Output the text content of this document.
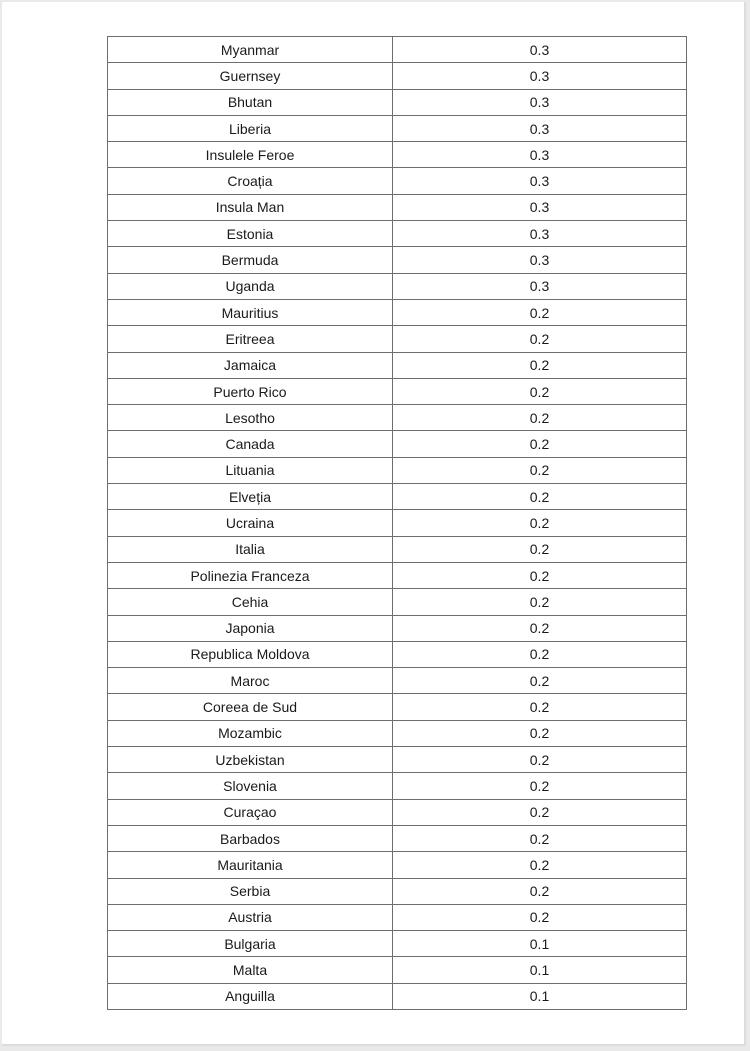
Myanmar	0.3
Guernsey	0.3
Bhutan	0.3
Liberia	0.3
Insulele Feroe	0.3
Croația	0.3
Insula Man	0.3
Estonia	0.3
Bermuda	0.3
Uganda	0.3
Mauritius	0.2
Eritreea	0.2
Jamaica	0.2
Puerto Rico	0.2
Lesotho	0.2
Canada	0.2
Lituania	0.2
Elveția	0.2
Ucraina	0.2
Italia	0.2
Polinezia Franceza	0.2
Cehia	0.2
Japonia	0.2
Republica Moldova	0.2
Maroc	0.2
Coreea de Sud	0.2
Mozambic	0.2
Uzbekistan	0.2
Slovenia	0.2
Curaçao	0.2
Barbados	0.2
Mauritania	0.2
Serbia	0.2
Austria	0.2
Bulgaria	0.1
Malta	0.1
Anguilla	0.1
